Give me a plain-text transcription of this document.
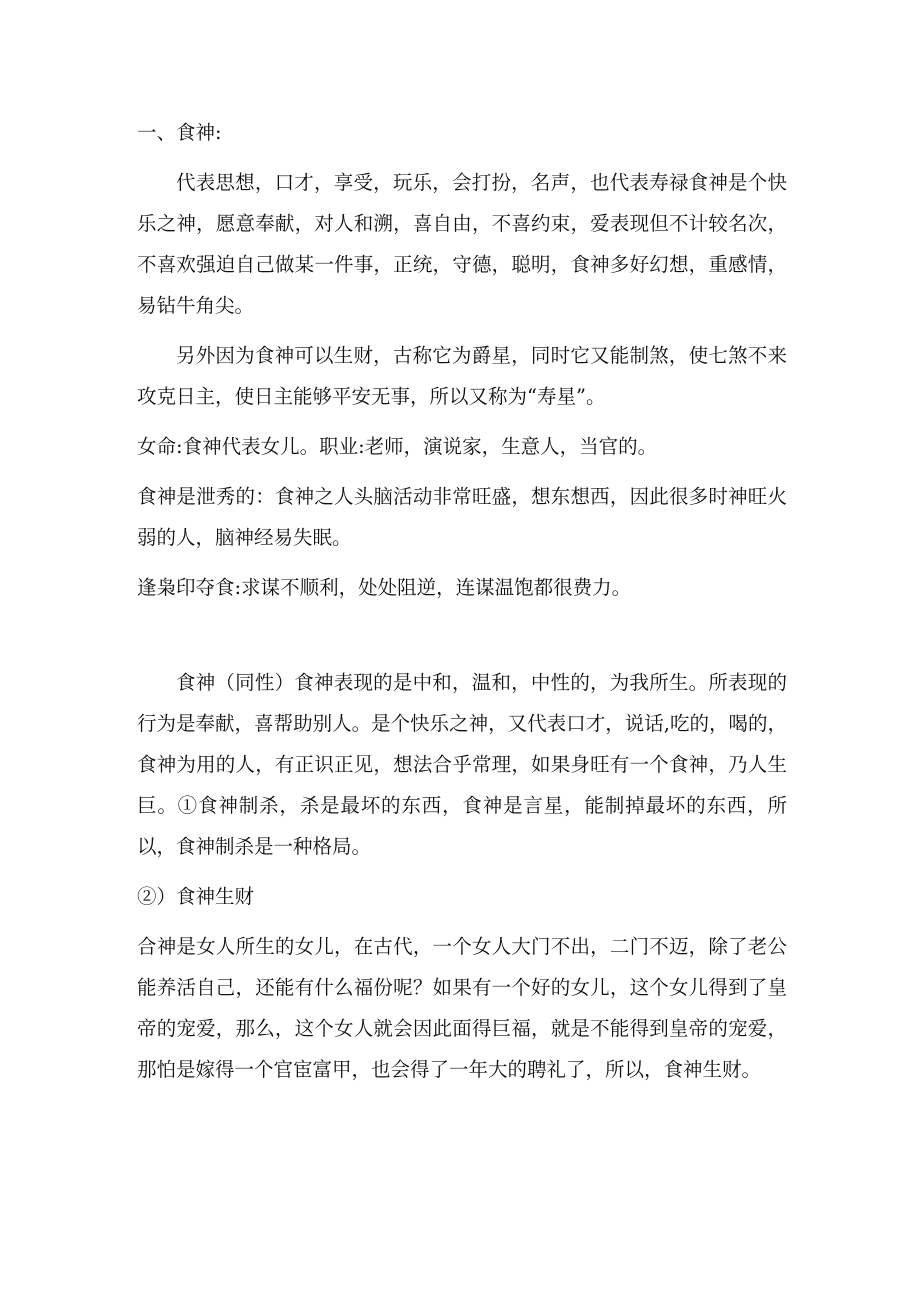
一、食神:

代表思想，口才，享受，玩乐，会打扮，名声，也代表寿禄食神是个快乐之神，愿意奉献，对人和溯，喜自由，不喜约束，爱表现但不计较名次，不喜欢强迫自己做某一件事，正统，守德，聪明，食神多好幻想，重感情，易钻牛角尖。

另外因为食神可以生财，古称它为爵星，同时它又能制煞，使七煞不来攻克日主，使日主能够平安无事，所以又称为“寿星”。

女命:食神代表女儿。职业:老师，演说家，生意人，当官的。

食神是泄秀的：食神之人头脑活动非常旺盛，想东想西，因此很多时神旺火弱的人，脑神经易失眠。

逢枭印夺食:求谋不顺利，处处阻逆，连谋温饱都很费力。

食神（同性）食神表现的是中和，温和，中性的，为我所生。所表现的行为是奉献，喜帮助别人。是个快乐之神，又代表口才，说话,吃的，喝的，食神为用的人，有正识正见，想法合乎常理，如果身旺有一个食神，乃人生巨。①食神制杀，杀是最坏的东西，食神是言星，能制掉最坏的东西，所以，食神制杀是一种格局。

②）食神生财

合神是女人所生的女儿，在古代，一个女人大门不出，二门不迈，除了老公能养活自己，还能有什么福份呢？如果有一个好的女儿，这个女儿得到了皇帝的宠爱，那么，这个女人就会因此面得巨福，就是不能得到皇帝的宠爱，那怕是嫁得一个官宦富甲，也会得了一年大的聘礼了，所以，食神生财。
